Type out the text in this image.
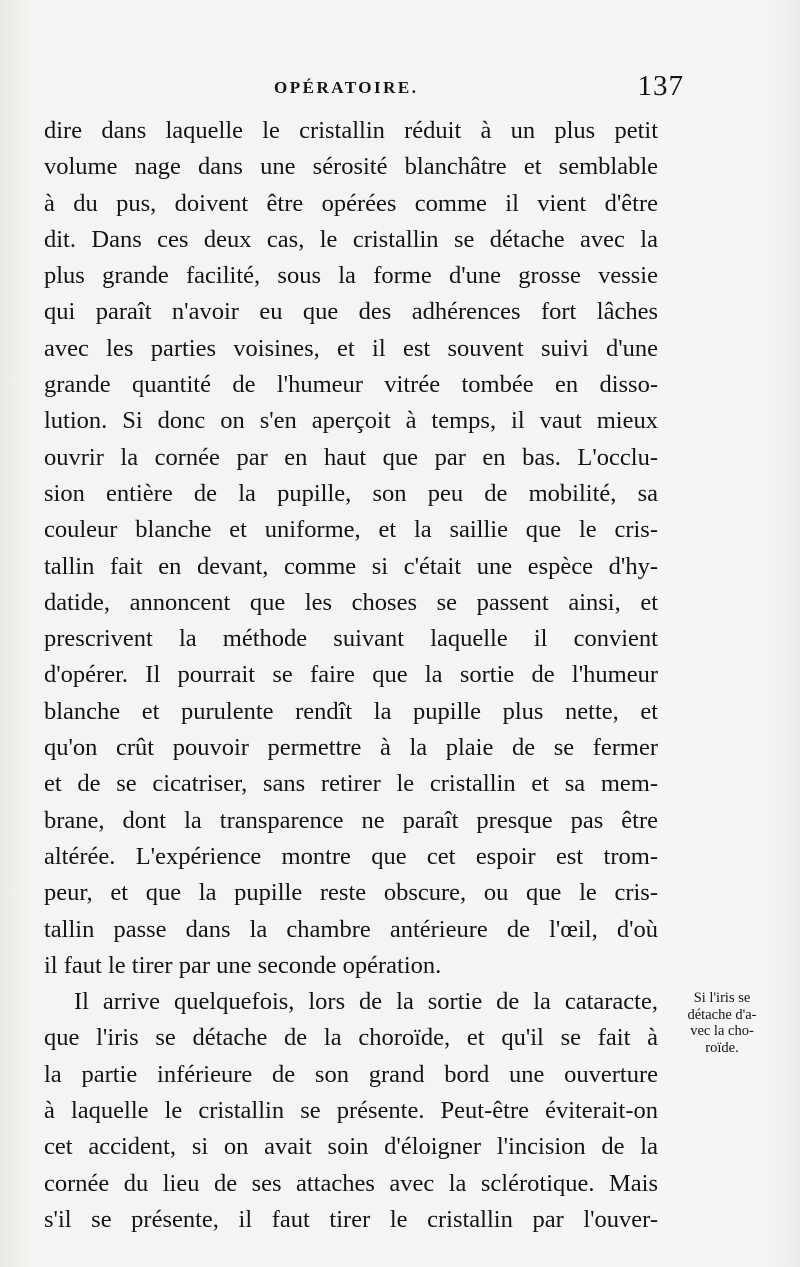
OPÉRATOIRE.	137
dire dans laquelle le cristallin réduit à un plus petit
volume nage dans une sérosité blanchâtre et semblable
à du pus, doivent être opérées comme il vient d'être
dit. Dans ces deux cas, le cristallin se détache avec la
plus grande facilité, sous la forme d'une grosse vessie
qui paraît n'avoir eu que des adhérences fort lâches
avec les parties voisines, et il est souvent suivi d'une
grande quantité de l'humeur vitrée tombée en disso-
lution. Si donc on s'en aperçoit à temps, il vaut mieux
ouvrir la cornée par en haut que par en bas. L'occlu-
sion entière de la pupille, son peu de mobilité, sa
couleur blanche et uniforme, et la saillie que le cris-
tallin fait en devant, comme si c'était une espèce d'hy-
datide, annoncent que les choses se passent ainsi, et
prescrivent la méthode suivant laquelle il convient
d'opérer. Il pourrait se faire que la sortie de l'humeur
blanche et purulente rendît la pupille plus nette, et
qu'on crût pouvoir permettre à la plaie de se fermer
et de se cicatriser, sans retirer le cristallin et sa mem-
brane, dont la transparence ne paraît presque pas être
altérée. L'expérience montre que cet espoir est trom-
peur, et que la pupille reste obscure, ou que le cris-
tallin passe dans la chambre antérieure de l'œil, d'où
il faut le tirer par une seconde opération.
Il arrive quelquefois, lors de la sortie de la cataracte,
que l'iris se détache de la choroïde, et qu'il se fait à
la partie inférieure de son grand bord une ouverture
à laquelle le cristallin se présente. Peut-être éviterait-on
cet accident, si on avait soin d'éloigner l'incision de la
cornée du lieu de ses attaches avec la sclérotique. Mais
s'il se présente, il faut tirer le cristallin par l'ouver-
Si l'iris se
détache d'a-
vec la cho-
roïde.
